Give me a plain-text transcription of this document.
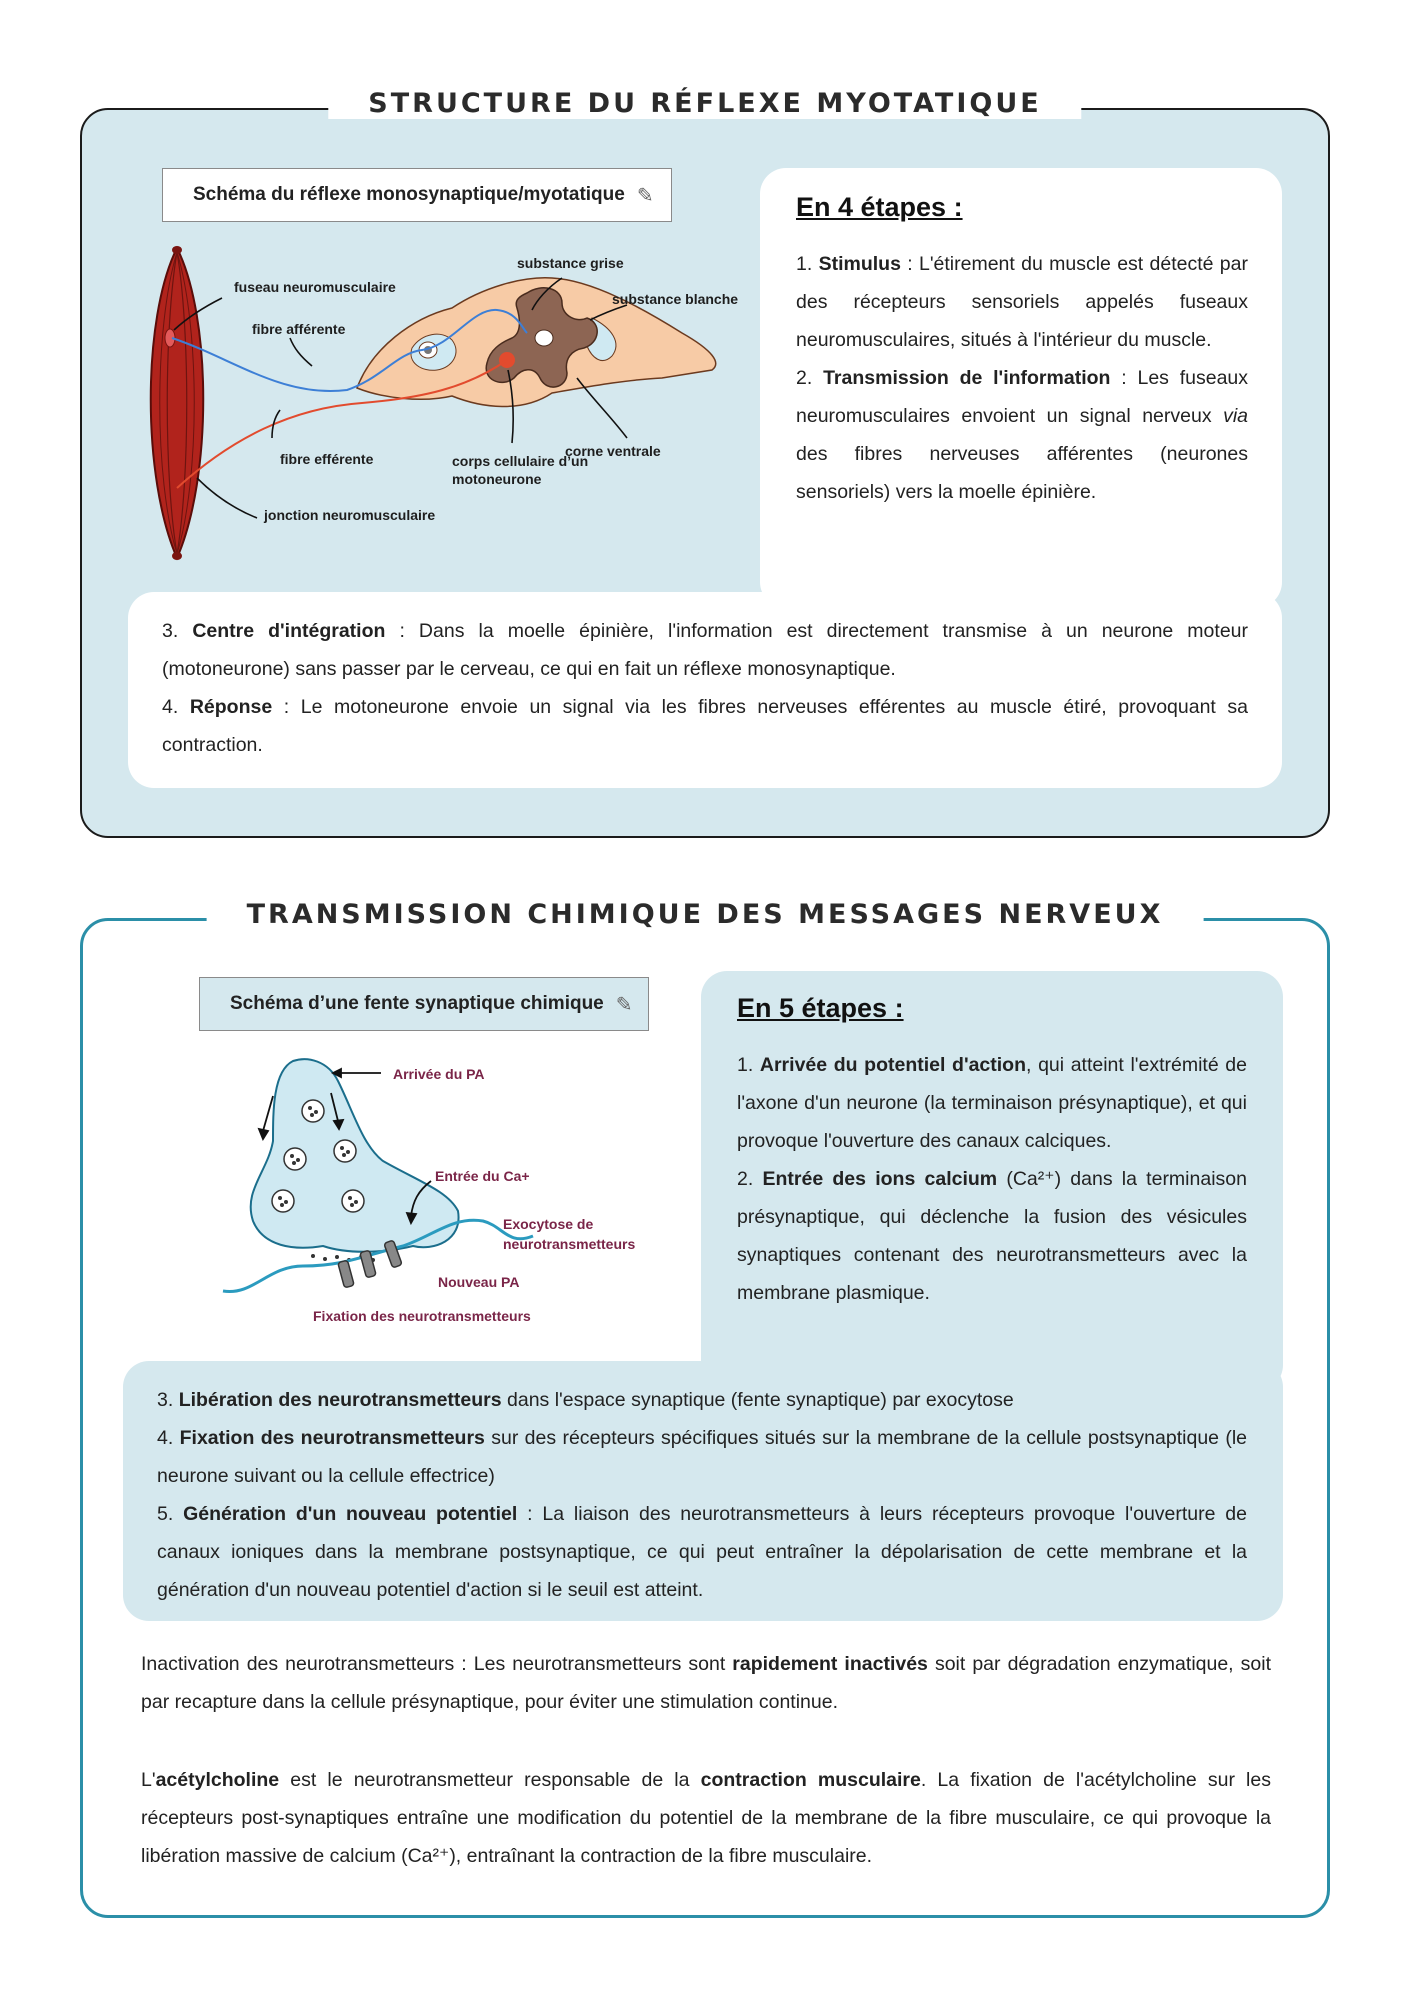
STRUCTURE DU RÉFLEXE MYOTATIQUE
Schéma du réflexe monosynaptique/myotatique ✎
fuseau neuromusculaire
fibre afférente
fibre efférente
jonction neuromusculaire
substance grise
substance blanche
corps cellulaire d’un
motoneurone
corne ventrale
En 4 étapes :
1. Stimulus : L'étirement du muscle est détecté par des récepteurs sensoriels appelés fuseaux neuromusculaires, situés à l'intérieur du muscle.
2. Transmission de l'information : Les fuseaux neuromusculaires envoient un signal nerveux via des fibres nerveuses afférentes (neurones sensoriels) vers la moelle épinière.
3. Centre d'intégration : Dans la moelle épinière, l'information est directement transmise à un neurone moteur (motoneurone) sans passer par le cerveau, ce qui en fait un réflexe monosynaptique.
4. Réponse : Le motoneurone envoie un signal via les fibres nerveuses efférentes au muscle étiré, provoquant sa contraction.
TRANSMISSION CHIMIQUE DES MESSAGES NERVEUX
Schéma d’une fente synaptique chimique ✎
Arrivée du PA
Entrée du Ca+
Exocytose de
neurotransmetteurs
Nouveau PA
Fixation des neurotransmetteurs
En 5 étapes :
1. Arrivée du potentiel d'action, qui atteint l'extrémité de l'axone d'un neurone (la terminaison présynaptique), et qui provoque l'ouverture des canaux calciques.
2. Entrée des ions calcium (Ca²⁺) dans la terminaison présynaptique, qui déclenche la fusion des vésicules synaptiques contenant des neurotransmetteurs avec la membrane plasmique.
3. Libération des neurotransmetteurs dans l'espace synaptique (fente synaptique) par exocytose
4. Fixation des neurotransmetteurs sur des récepteurs spécifiques situés sur la membrane de la cellule postsynaptique (le neurone suivant ou la cellule effectrice)
5. Génération d'un nouveau potentiel : La liaison des neurotransmetteurs à leurs récepteurs provoque l'ouverture de canaux ioniques dans la membrane postsynaptique, ce qui peut entraîner la dépolarisation de cette membrane et la génération d'un nouveau potentiel d'action si le seuil est atteint.
Inactivation des neurotransmetteurs : Les neurotransmetteurs sont rapidement inactivés soit par dégradation enzymatique, soit par recapture dans la cellule présynaptique, pour éviter une stimulation continue.
L'acétylcholine est le neurotransmetteur responsable de la contraction musculaire. La fixation de l'acétylcholine sur les récepteurs post-synaptiques entraîne une modification du potentiel de la membrane de la fibre musculaire, ce qui provoque la libération massive de calcium (Ca²⁺), entraînant la contraction de la fibre musculaire.
